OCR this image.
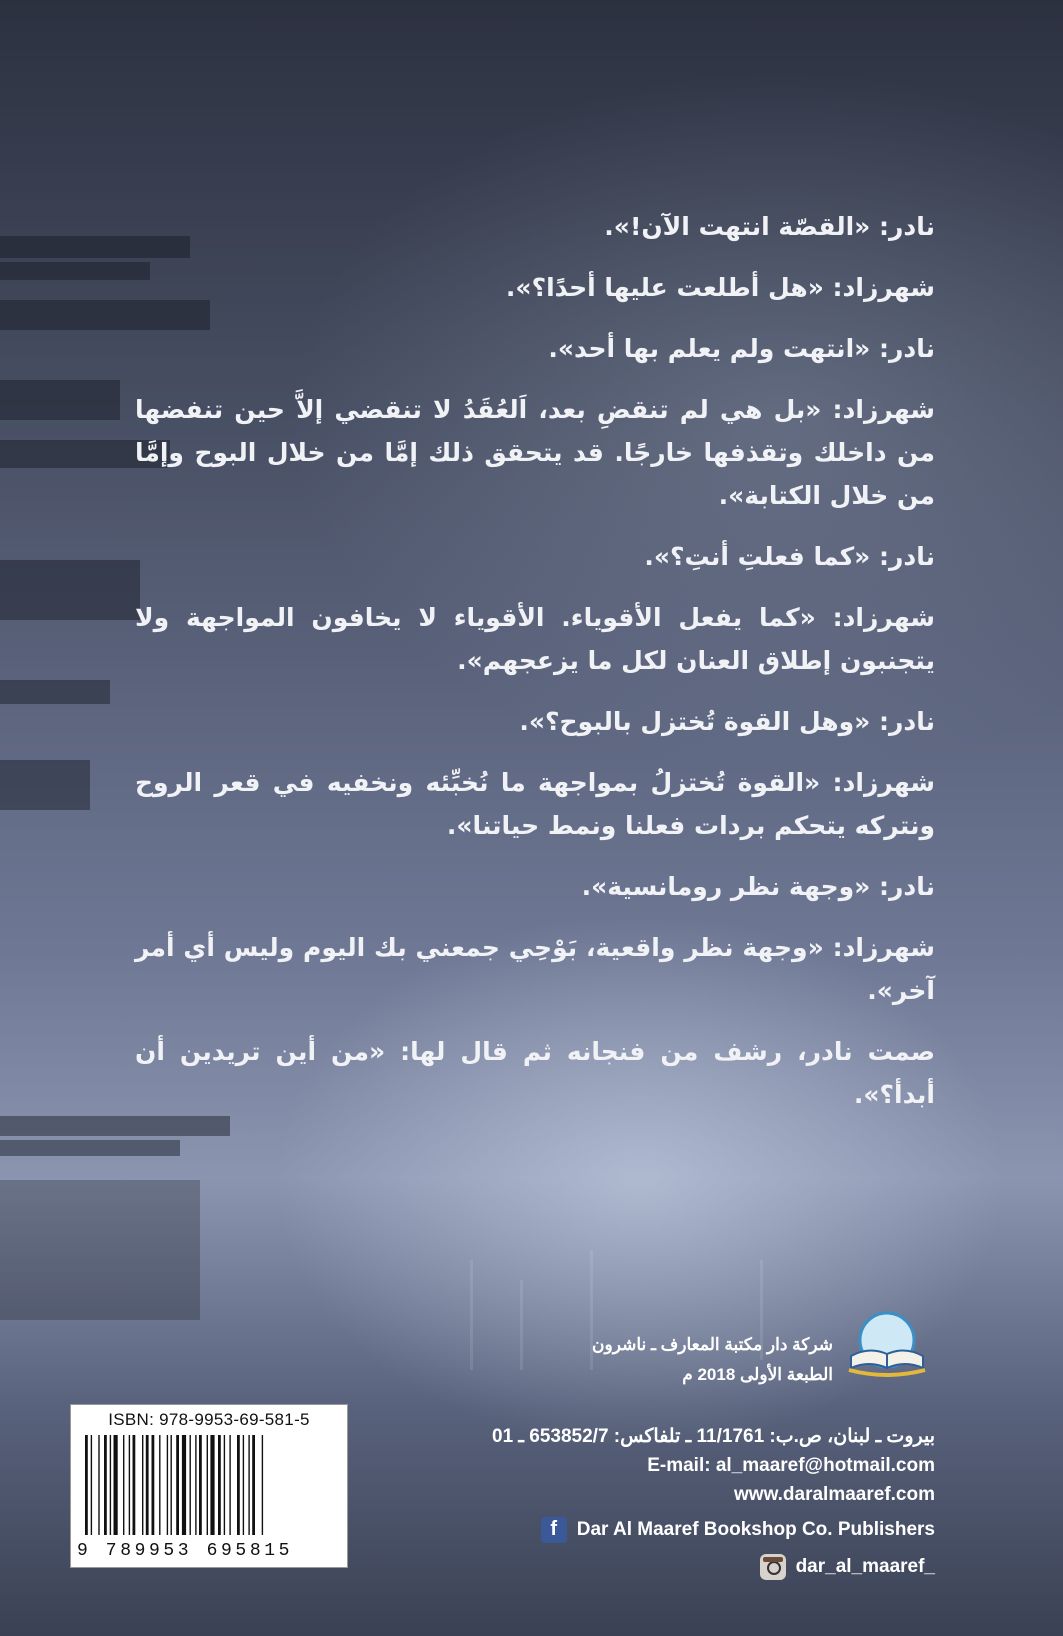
نادر: «القصّة انتهت الآن!».

شهرزاد: «هل أطلعت عليها أحدًا؟».

نادر: «انتهت ولم يعلم بها أحد».

شهرزاد: «بل هي لم تنقضِ بعد، اَلعُقَدُ لا تنقضي إلاَّ حين تنفضها من داخلك وتقذفها خارجًا. قد يتحقق ذلك إمَّا من خلال البوح وإمَّا من خلال الكتابة».

نادر: «كما فعلتِ أنتِ؟».

شهرزاد: «كما يفعل الأقوياء. الأقوياء لا يخافون المواجهة ولا يتجنبون إطلاق العنان لكل ما يزعجهم».

نادر: «وهل القوة تُختزل بالبوح؟».

شهرزاد: «القوة تُختزلُ بمواجهة ما نُخبِّئه ونخفيه في قعر الروح ونتركه يتحكم بردات فعلنا ونمط حياتنا».

نادر: «وجهة نظر رومانسية».

شهرزاد: «وجهة نظر واقعية، بَوْحِي جمعني بك اليوم وليس أي أمر آخر».

صمت نادر، رشف من فنجانه ثم قال لها: «من أين تريدين أن أبدأ؟».

شركة دار مكتبة المعارف ـ ناشرون
الطبعة الأولى 2018 م
بيروت ـ لبنان، ص.ب: 11/1761 ـ تلفاكس: 653852/7 ـ 01
E-mail: al_maaref@hotmail.com
www.daralmaaref.com
f	Dar Al Maaref Bookshop Co. Publishers
dar_al_maaref_
ISBN: 978-9953-69-581-5
9 789953 695815
